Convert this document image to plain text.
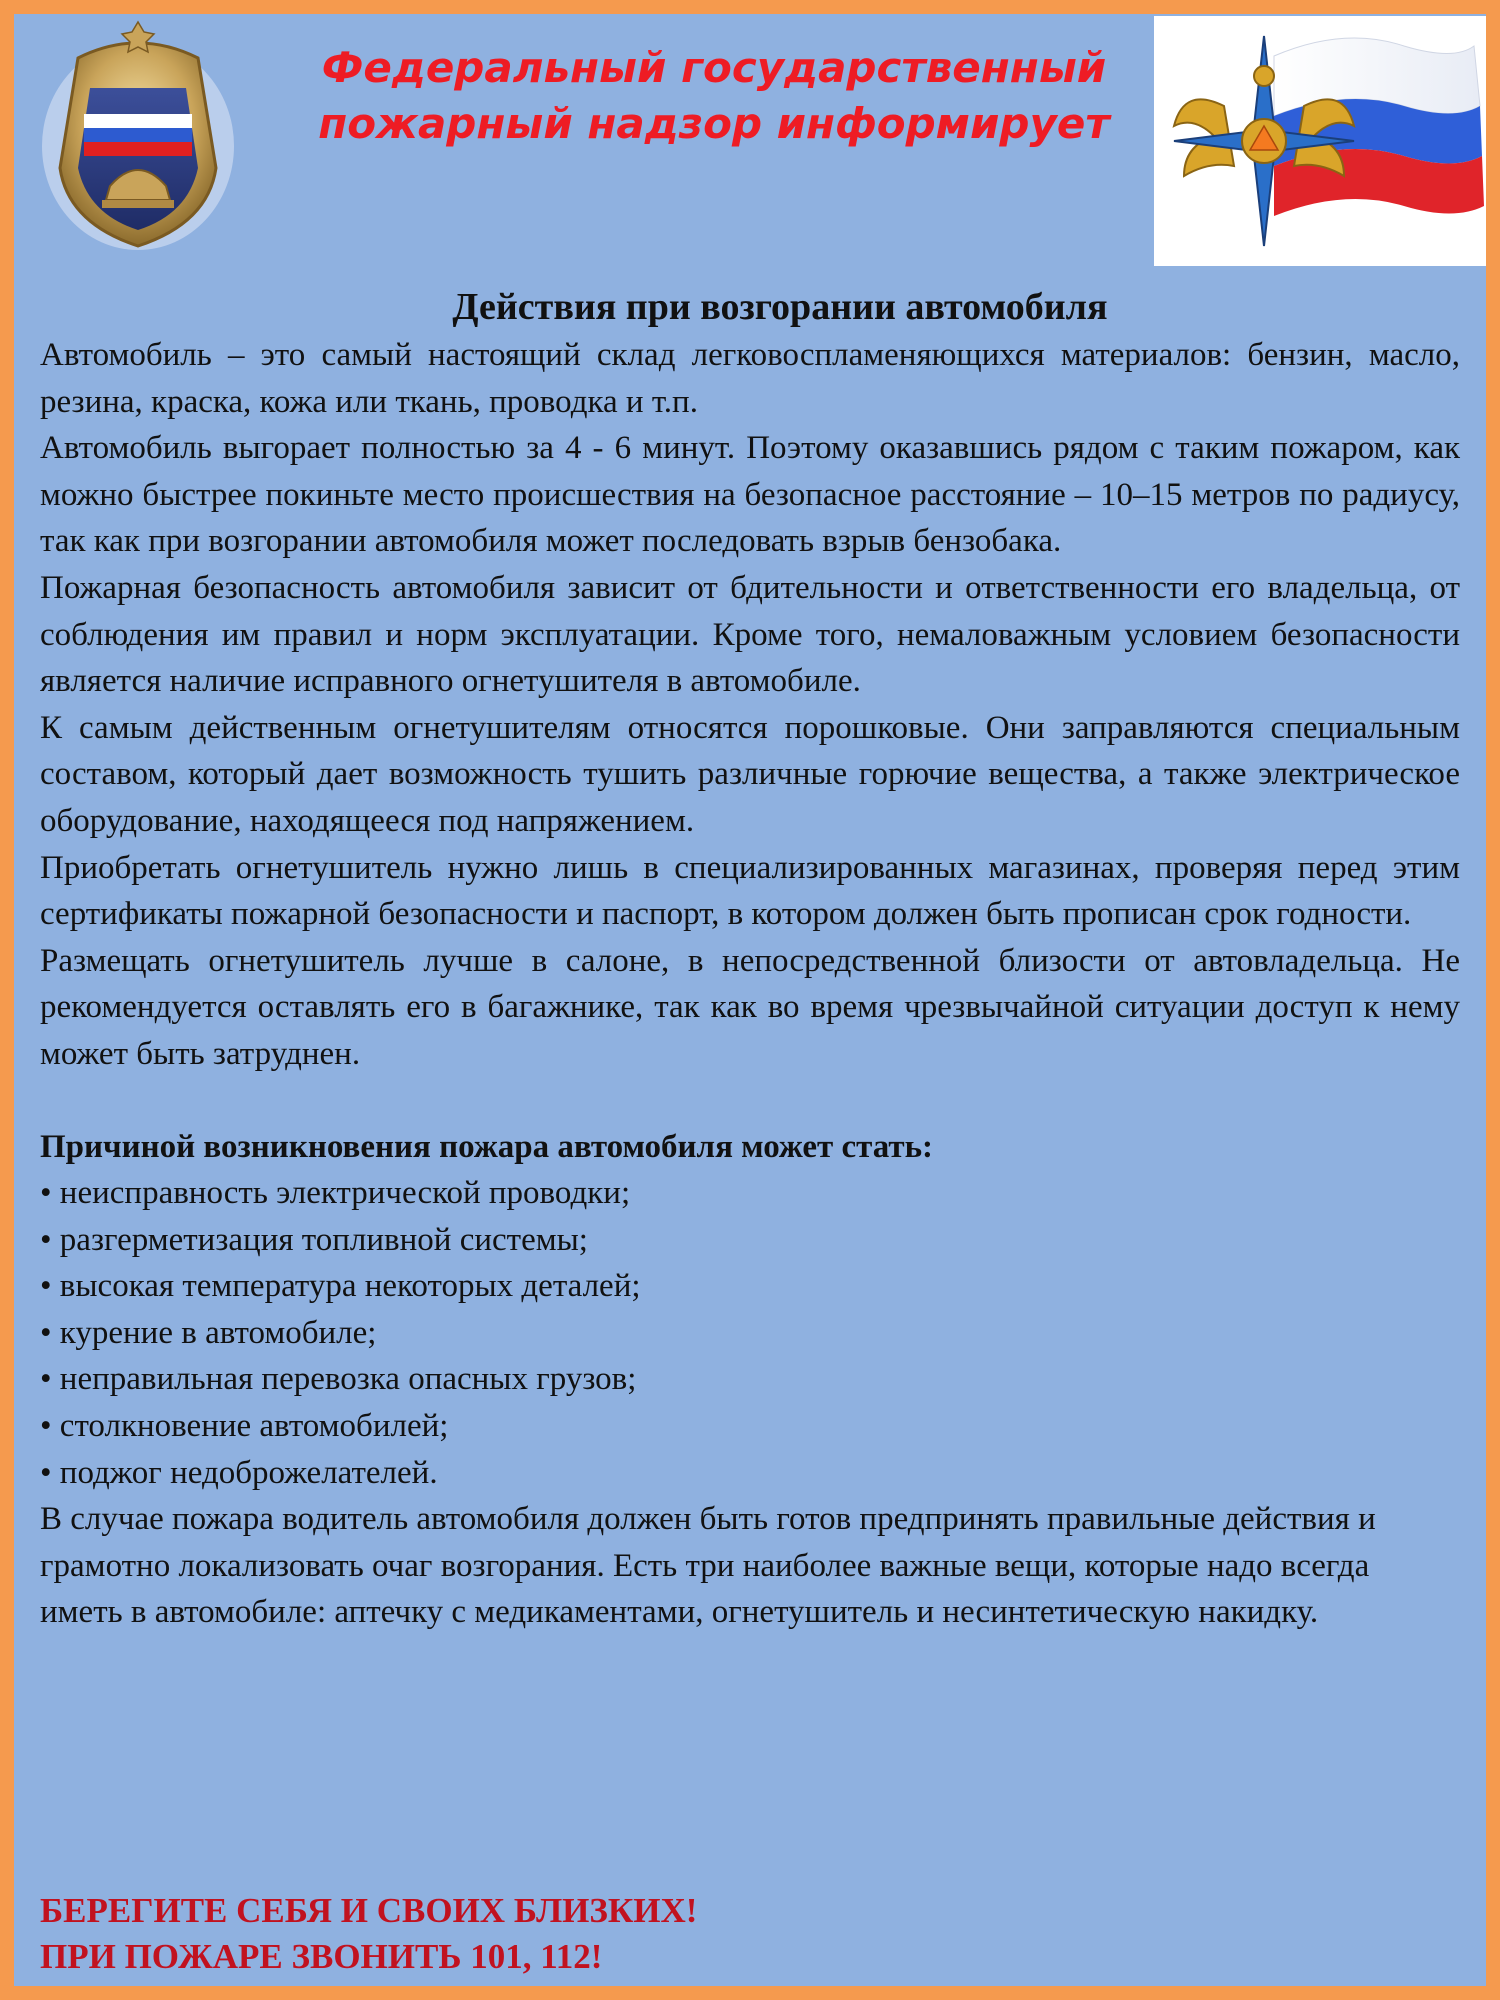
Федеральный государственный
пожарный надзор информирует
Действия при возгорании автомобиля

Автомобиль – это самый настоящий склад легковоспламеняющихся материалов: бензин, масло, резина, краска, кожа или ткань, проводка и т.п.

Автомобиль выгорает полностью за 4 - 6 минут. Поэтому оказавшись рядом с таким пожаром, как можно быстрее покиньте место происшествия на безопасное расстояние – 10–15 метров по радиусу, так как при возгорании автомобиля может последовать взрыв бензобака.

Пожарная безопасность автомобиля зависит от бдительности и ответственности его владельца, от соблюдения им правил и норм эксплуатации. Кроме того, немаловажным условием безопасности является наличие исправного огнетушителя в автомобиле.

К самым действенным огнетушителям относятся порошковые. Они заправляются специальным составом, который дает возможность тушить различные горючие вещества, а также электрическое оборудование, находящееся под напряжением.

Приобретать огнетушитель нужно лишь в специализированных магазинах, проверяя перед этим сертификаты пожарной безопасности и паспорт, в котором должен быть прописан срок годности.

Размещать огнетушитель лучше в салоне, в непосредственной близости от автовладельца. Не рекомендуется оставлять его в багажнике, так как во время чрезвычайной ситуации доступ к нему может быть затруднен.

Причиной возникновения пожара автомобиля может стать:

• неисправность электрической проводки;
• разгерметизация топливной системы;
• высокая температура некоторых деталей;
• курение в автомобиле;
• неправильная перевозка опасных грузов;
• столкновение автомобилей;
• поджог недоброжелателей.

В случае пожара водитель автомобиля должен быть готов предпринять правильные действия и грамотно локализовать очаг возгорания. Есть три наиболее важные вещи, которые надо всегда иметь в автомобиле: аптечку с медикаментами, огнетушитель и несинтетическую накидку.

БЕРЕГИТЕ СЕБЯ И СВОИХ БЛИЗКИХ!
ПРИ ПОЖАРЕ ЗВОНИТЬ 101, 112!
